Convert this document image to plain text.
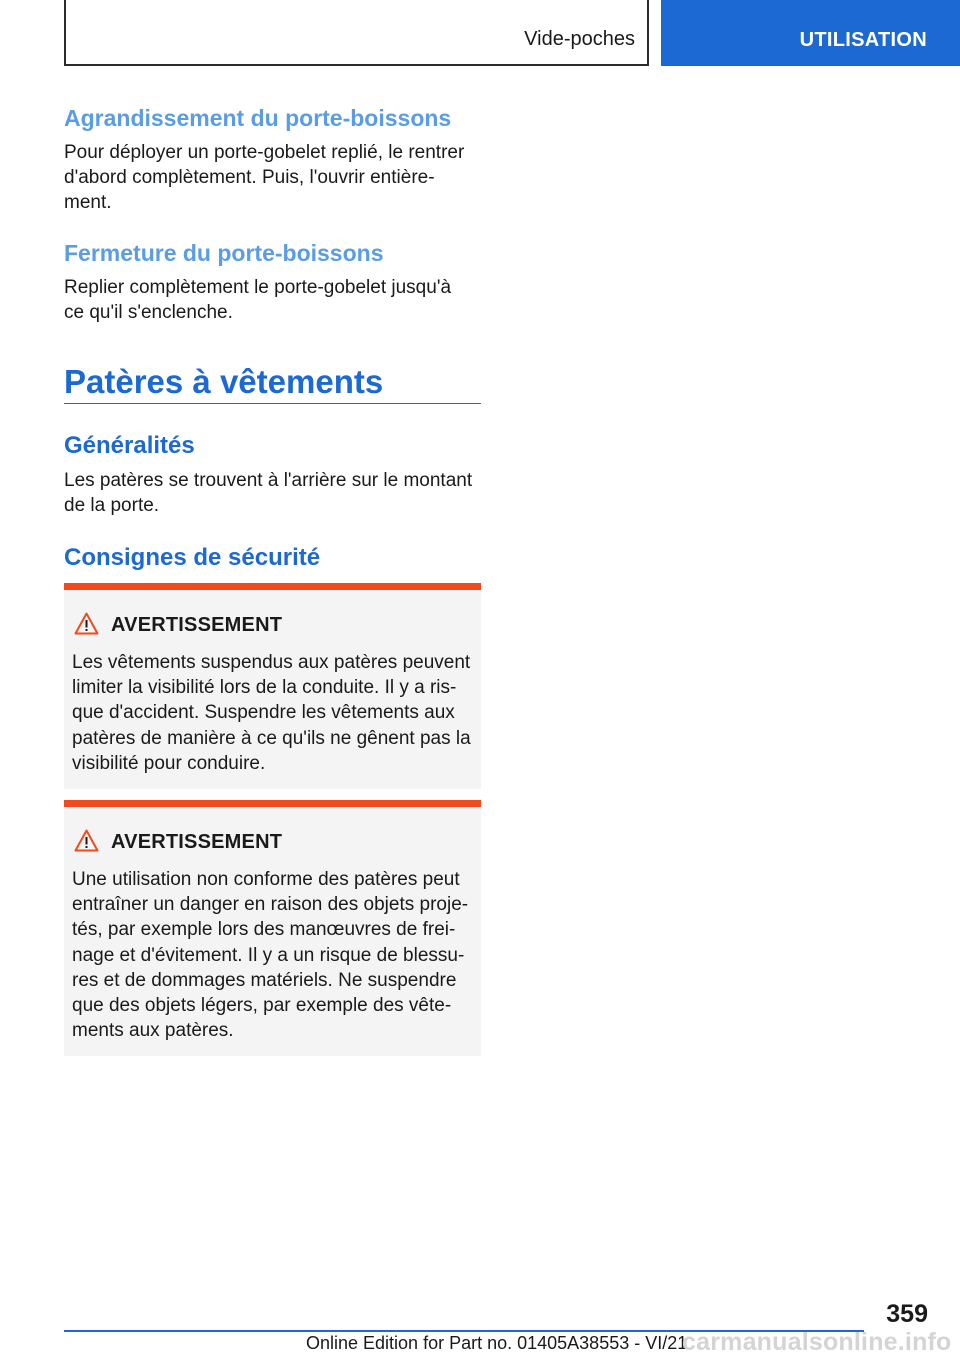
Vide-poches	UTILISATION
Agrandissement du porte-boissons
Pour déployer un porte-gobelet replié, le rentrer
d'abord complètement. Puis, l'ouvrir entière-
ment.
Fermeture du porte-boissons
Replier complètement le porte-gobelet jusqu'à
ce qu'il s'enclenche.
Patères à vêtements
Généralités
Les patères se trouvent à l'arrière sur le montant
de la porte.
Consignes de sécurité
AVERTISSEMENT
Les vêtements suspendus aux patères peuvent
limiter la visibilité lors de la conduite. Il y a ris-
que d'accident. Suspendre les vêtements aux
patères de manière à ce qu'ils ne gênent pas la
visibilité pour conduire.
AVERTISSEMENT
Une utilisation non conforme des patères peut
entraîner un danger en raison des objets proje-
tés, par exemple lors des manœuvres de frei-
nage et d'évitement. Il y a un risque de blessu-
res et de dommages matériels. Ne suspendre
que des objets légers, par exemple des vête-
ments aux patères.
359
Online Edition for Part no. 01405A38553 - VI/21
carmanualsonline.info
